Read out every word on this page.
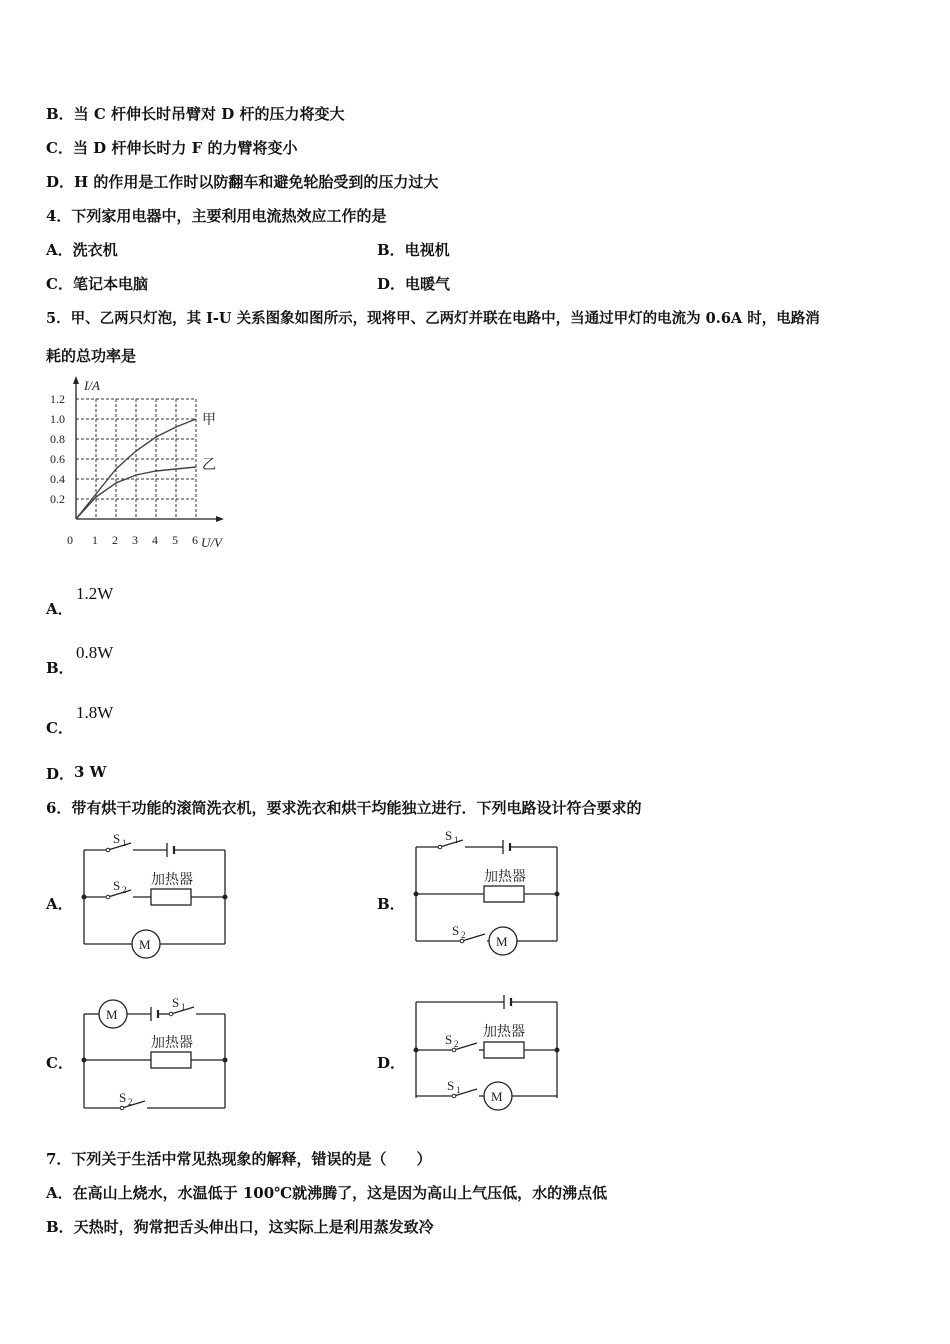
B．当 C 杆伸长时吊臂对 D 杆的压力将变大
C．当 D 杆伸长时力 F 的力臂将变小
D．H 的作用是工作时以防翻车和避免轮胎受到的压力过大
4．下列家用电器中，主要利用电流热效应工作的是
A．洗衣机	B．电视机
C．笔记本电脑	D．电暖气
5．甲、乙两只灯泡，其 I-U 关系图象如图所示，现将甲、乙两灯并联在电路中，当通过甲灯的电流为 0.6A 时，电路消
耗的总功率是
I/A
U/V
0 1 2 3 4 5 6
0.2
0.4
0.6
0.8
1.0
1.2
甲
乙
A．
1.2W
B．
0.8W
C．
1.8W
D． 3 W
6．带有烘干功能的滚筒洗衣机，要求洗衣和烘干均能独立进行．下列电路设计符合要求的
A．	B．
C．	D．
S 1
S 2
加热器
M
S 1
S 2
加热器
M
S 1
S 2
加热器
M
S 2
S 1
加热器
M
7．下列关于生活中常见热现象的解释，错误的是（　　）
A．在高山上烧水，水温低于 100℃就沸腾了，这是因为高山上气压低，水的沸点低
B．天热时，狗常把舌头伸出口，这实际上是利用蒸发致冷
